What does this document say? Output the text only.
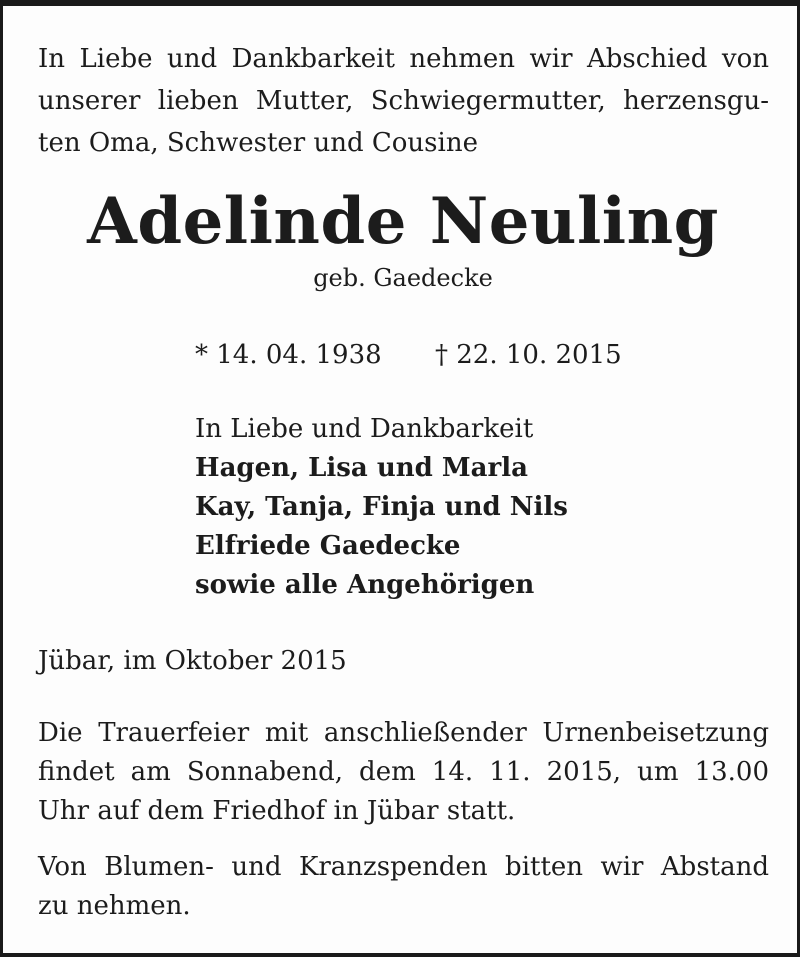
In Liebe und Dankbarkeit nehmen wir Abschied von
unserer lieben Mutter, Schwiegermutter, herzensgu-
ten Oma, Schwester und Cousine
Adelinde Neuling
geb. Gaedecke
* 14. 04. 1938 † 22. 10. 2015
In Liebe und Dankbarkeit
Hagen, Lisa und Marla
Kay, Tanja, Finja und Nils
Elfriede Gaedecke
sowie alle Angehörigen
Jübar, im Oktober 2015
Die Trauerfeier mit anschließender Urnenbeisetzung
findet am Sonnabend, dem 14. 11. 2015, um 13.00
Uhr auf dem Friedhof in Jübar statt.
Von Blumen- und Kranzspenden bitten wir Abstand
zu nehmen.
